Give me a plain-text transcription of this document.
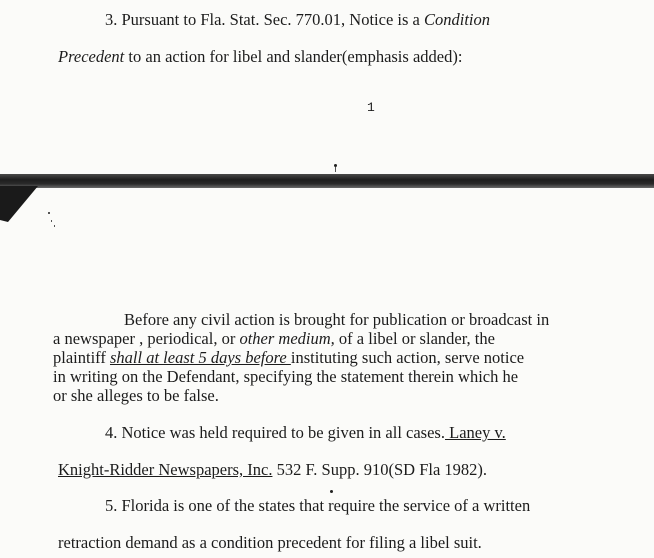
3. Pursuant to Fla. Stat. Sec. 770.01, Notice is a Condition
Precedent to an action for libel and slander(emphasis added):
1
Before any civil action is brought for publication or broadcast in
a newspaper , periodical, or other medium, of a libel or slander, the
plaintiff shall at least 5 days before instituting such action, serve notice
in writing on the Defendant, specifying the statement therein which he
or she alleges to be false.
4. Notice was held required to be given in all cases. Laney v.
Knight-Ridder Newspapers, Inc. 532 F. Supp. 910(SD Fla 1982).
5. Florida is one of the states that require the service of a written
retraction demand as a condition precedent for filing a libel suit.
